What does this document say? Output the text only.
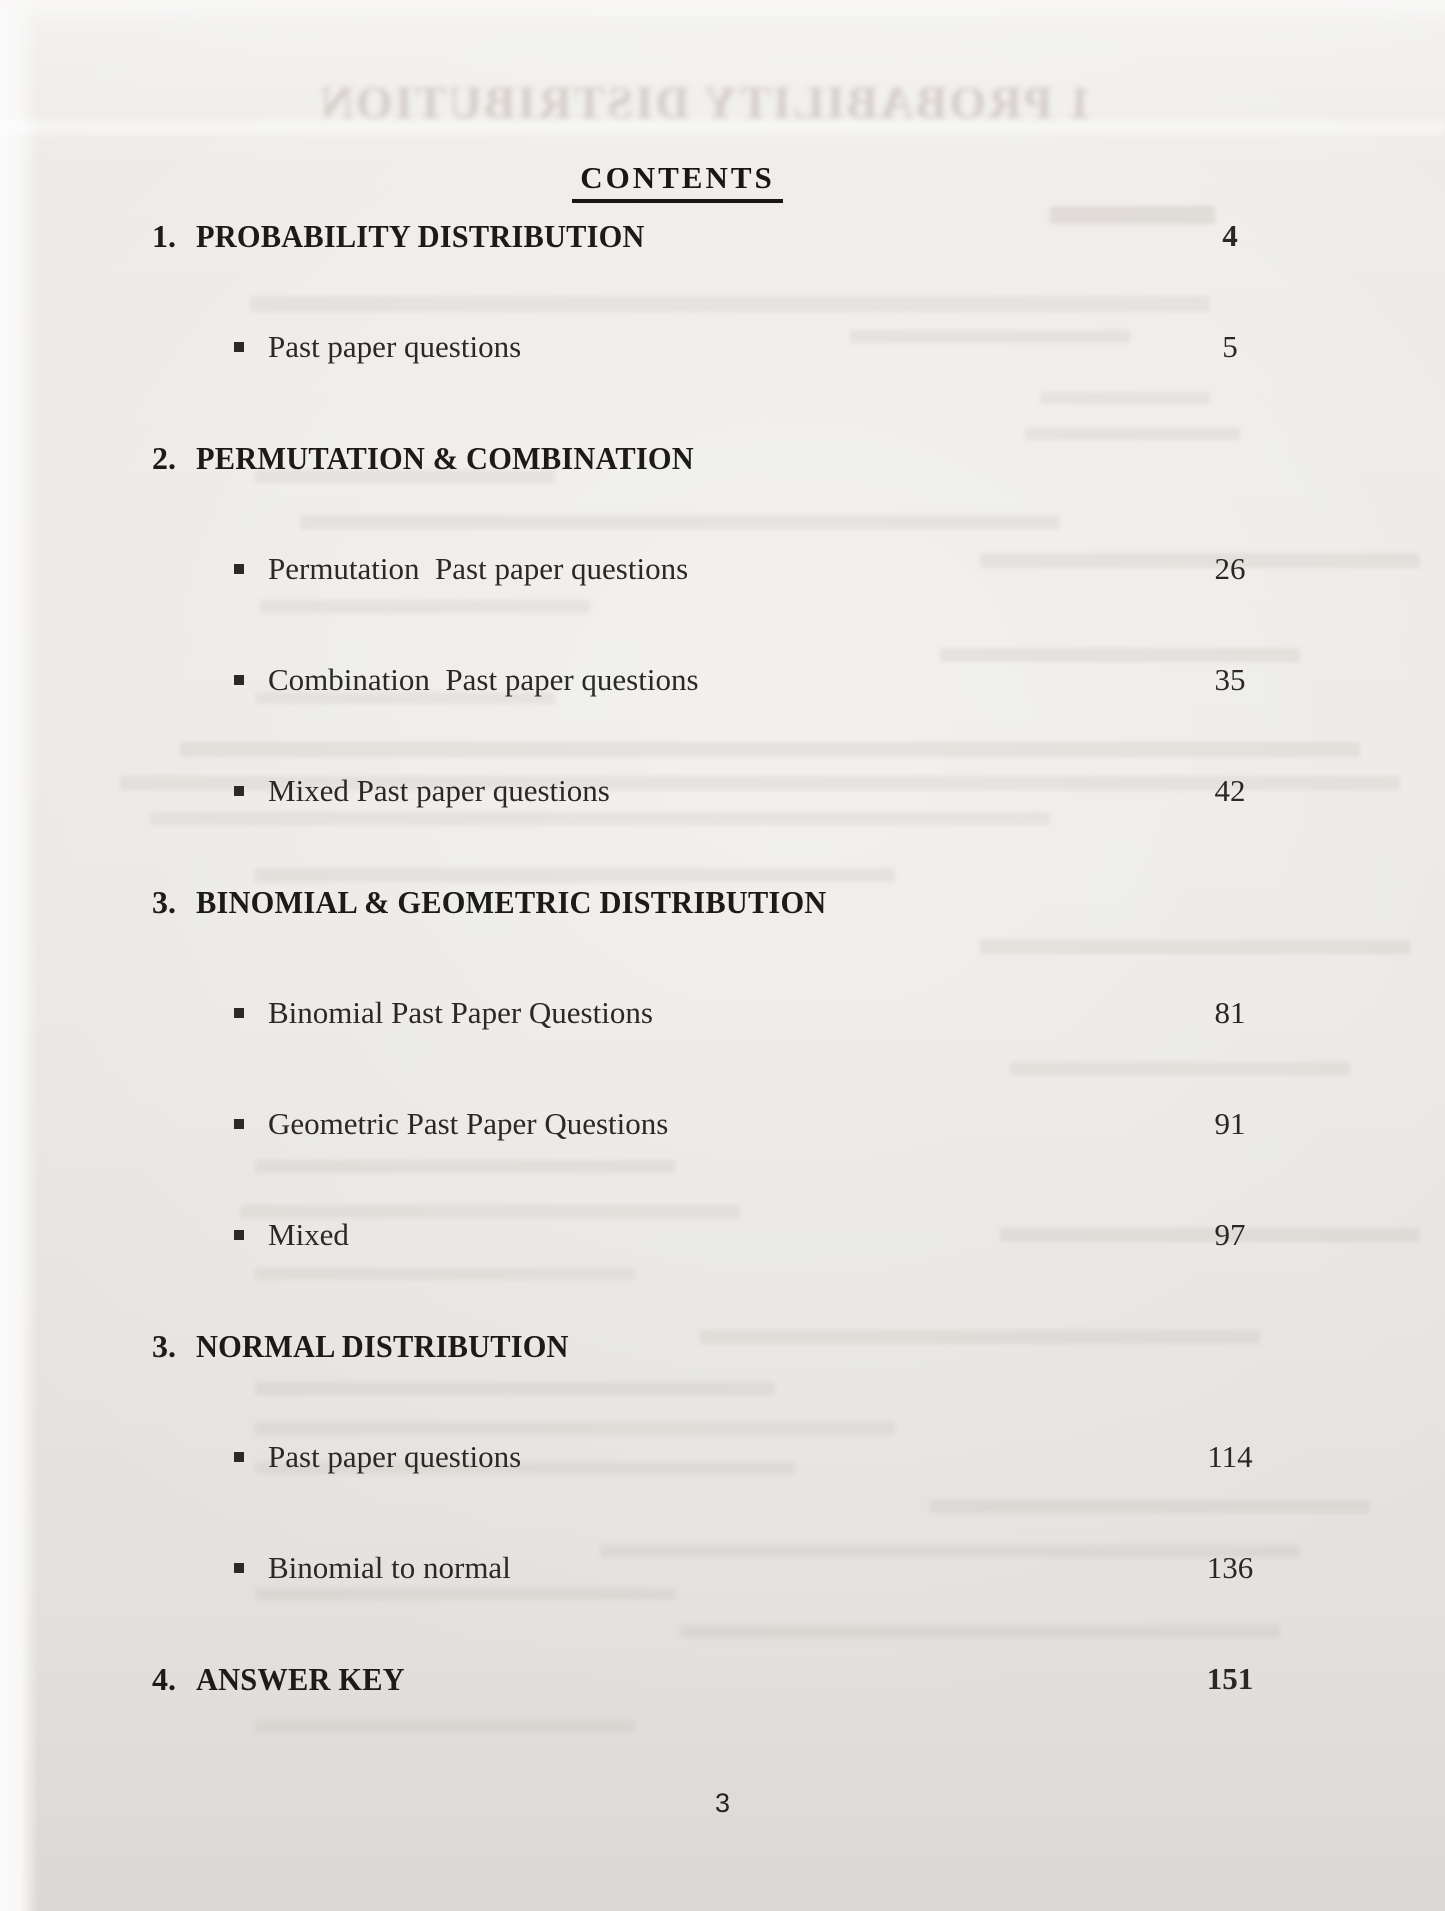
1 PROBABILITY DISTRIBUTION
CONTENTS
1. PROBABILITY DISTRIBUTION	4
Past paper questions	5
2. PERMUTATION & COMBINATION
Permutation  Past paper questions	26
Combination  Past paper questions	35
Mixed Past paper questions	42
3. BINOMIAL & GEOMETRIC DISTRIBUTION
Binomial Past Paper Questions	81
Geometric Past Paper Questions	91
Mixed	97
3. NORMAL DISTRIBUTION
Past paper questions	114
Binomial to normal	136
4. ANSWER KEY	151
3
